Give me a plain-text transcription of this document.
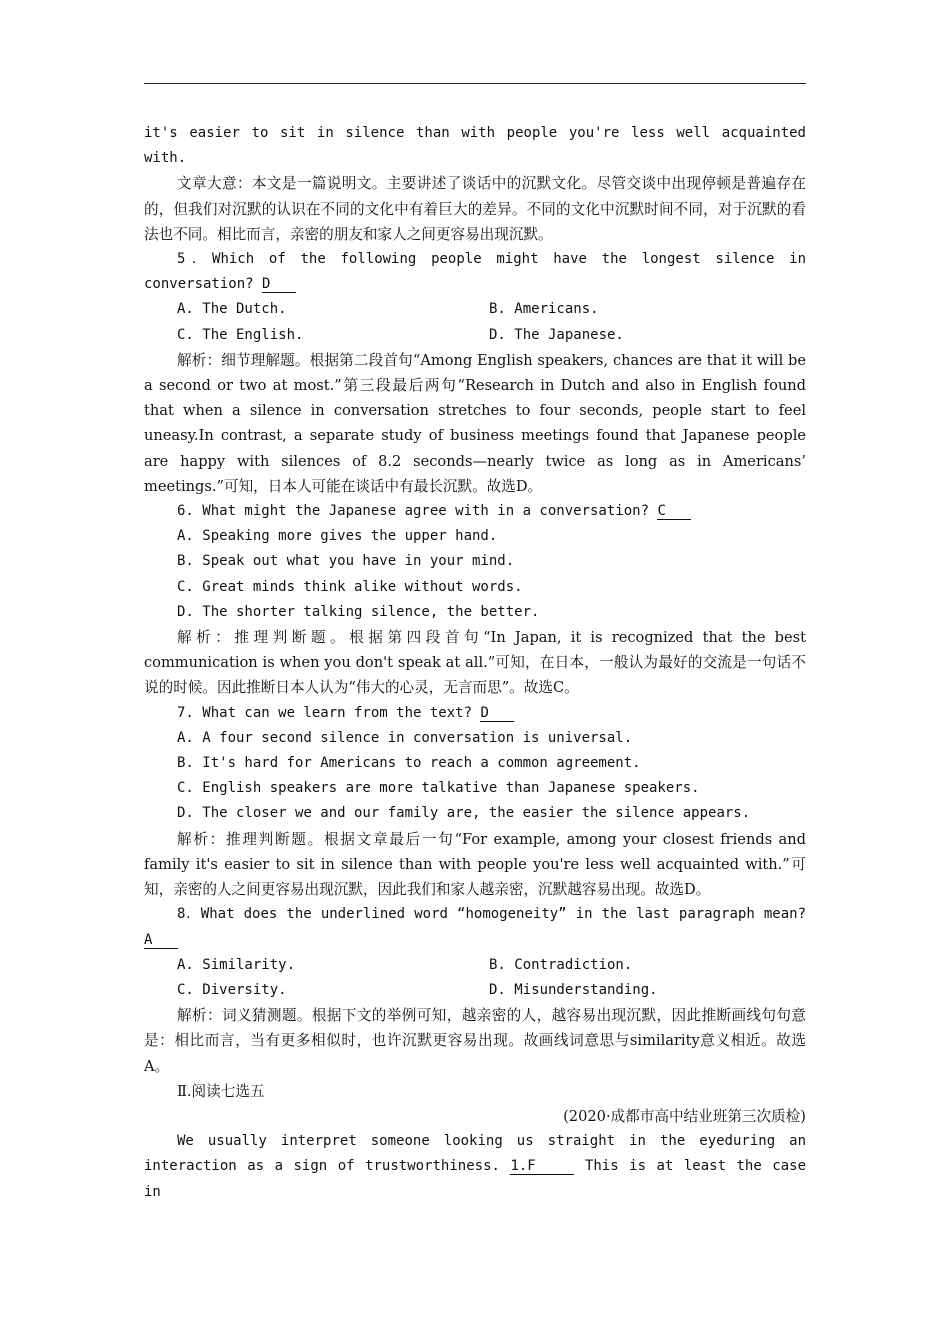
it's easier to sit in silence than with people you're less well acquainted with.

文章大意：本文是一篇说明文。主要讲述了谈话中的沉默文化。尽管交谈中出现停顿是普遍存在的，但我们对沉默的认识在不同的文化中有着巨大的差异。不同的文化中沉默时间不同，对于沉默的看法也不同。相比而言，亲密的朋友和家人之间更容易出现沉默。

5．Which of the following people might have the longest silence in conversation? D

A. The Dutch.	B. Americans.
C. The English.	D. The Japanese.

解析：细节理解题。根据第二段首句“Among English speakers, chances are that it will be a second or two at most.”第三段最后两句“Research in Dutch and also in English found that when a silence in conversation stretches to four seconds, people start to feel uneasy.In contrast, a separate study of business meetings found that Japanese people are happy with silences of 8.2 seconds—nearly twice as long as in Americans’ meetings.”可知，日本人可能在谈话中有最长沉默。故选D。

6. What might the Japanese agree with in a conversation? C

A. Speaking more gives the upper hand.

B. Speak out what you have in your mind.

C. Great minds think alike without words.

D. The shorter talking silence, the better.

解析：推理判断题。根据第四段首句“In Japan, it is recognized that the best communication is when you don't speak at all.”可知，在日本，一般认为最好的交流是一句话不说的时候。因此推断日本人认为“伟大的心灵，无言而思”。故选C。

7. What can we learn from the text? D

A. A four second silence in conversation is universal.

B. It's hard for Americans to reach a common agreement.

C. English speakers are more talkative than Japanese speakers.

D. The closer we and our family are, the easier the silence appears.

解析：推理判断题。根据文章最后一句“For example, among your closest friends and family it's easier to sit in silence than with people you're less well acquainted with.”可知，亲密的人之间更容易出现沉默，因此我们和家人越亲密，沉默越容易出现。故选D。

8．What does the underlined word “homogeneity” in the last paragraph mean? A

A. Similarity.	B. Contradiction.
C. Diversity.	D. Misunderstanding.

解析：词义猜测题。根据下文的举例可知，越亲密的人，越容易出现沉默，因此推断画线句句意是：相比而言，当有更多相似时，也许沉默更容易出现。故画线词意思与similarity意义相近。故选A。

Ⅱ.阅读七选五

(2020·成都市高中结业班第三次质检)

We usually interpret someone looking us straight in the eyeduring an interaction as a sign of trustworthiness. 1.F	This is at least the case in
